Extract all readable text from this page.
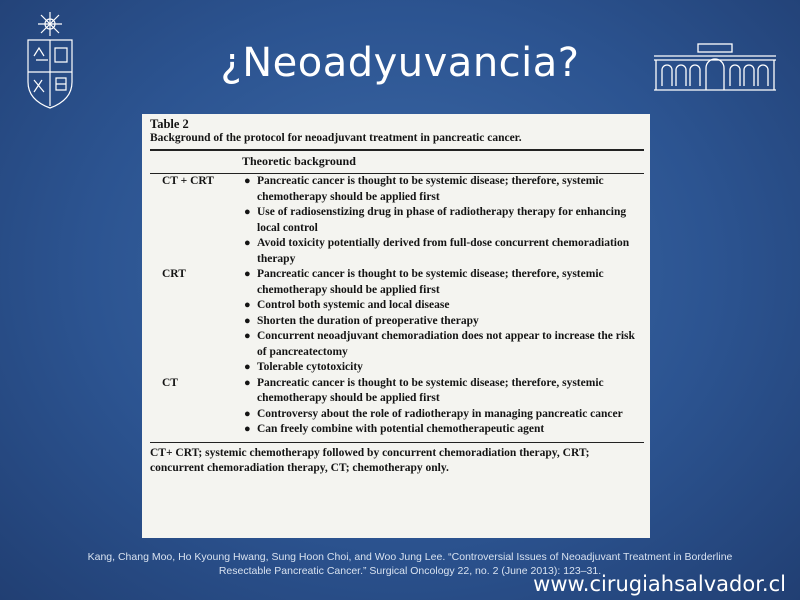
¿Neoadyuvancia?
Table 2
Background of the protocol for neoadjuvant treatment in pancreatic cancer.
Theoretic background
CT + CRT	● Pancreatic cancer is thought to be systemic disease; therefore, systemic chemotherapy should be applied first
● Use of radiosenstizing drug in phase of radiotherapy therapy for enhancing local control
● Avoid toxicity potentially derived from full-dose concurrent chemoradiation therapy
CRT	● Pancreatic cancer is thought to be systemic disease; therefore, systemic chemotherapy should be applied first
● Control both systemic and local disease
● Shorten the duration of preoperative therapy
● Concurrent neoadjuvant chemoradiation does not appear to increase the risk of pancreatectomy
● Tolerable cytotoxicity
CT	● Pancreatic cancer is thought to be systemic disease; therefore, systemic chemotherapy should be applied first
● Controversy about the role of radiotherapy in managing pancreatic cancer
● Can freely combine with potential chemotherapeutic agent
CT+ CRT; systemic chemotherapy followed by concurrent chemoradiation therapy, CRT; concurrent chemoradiation therapy, CT; chemotherapy only.
Kang, Chang Moo, Ho Kyoung Hwang, Sung Hoon Choi, and Woo Jung Lee. “Controversial Issues of Neoadjuvant Treatment in Borderline
Resectable Pancreatic Cancer.” Surgical Oncology 22, no. 2 (June 2013): 123–31.
www.cirugiahsalvador.cl
